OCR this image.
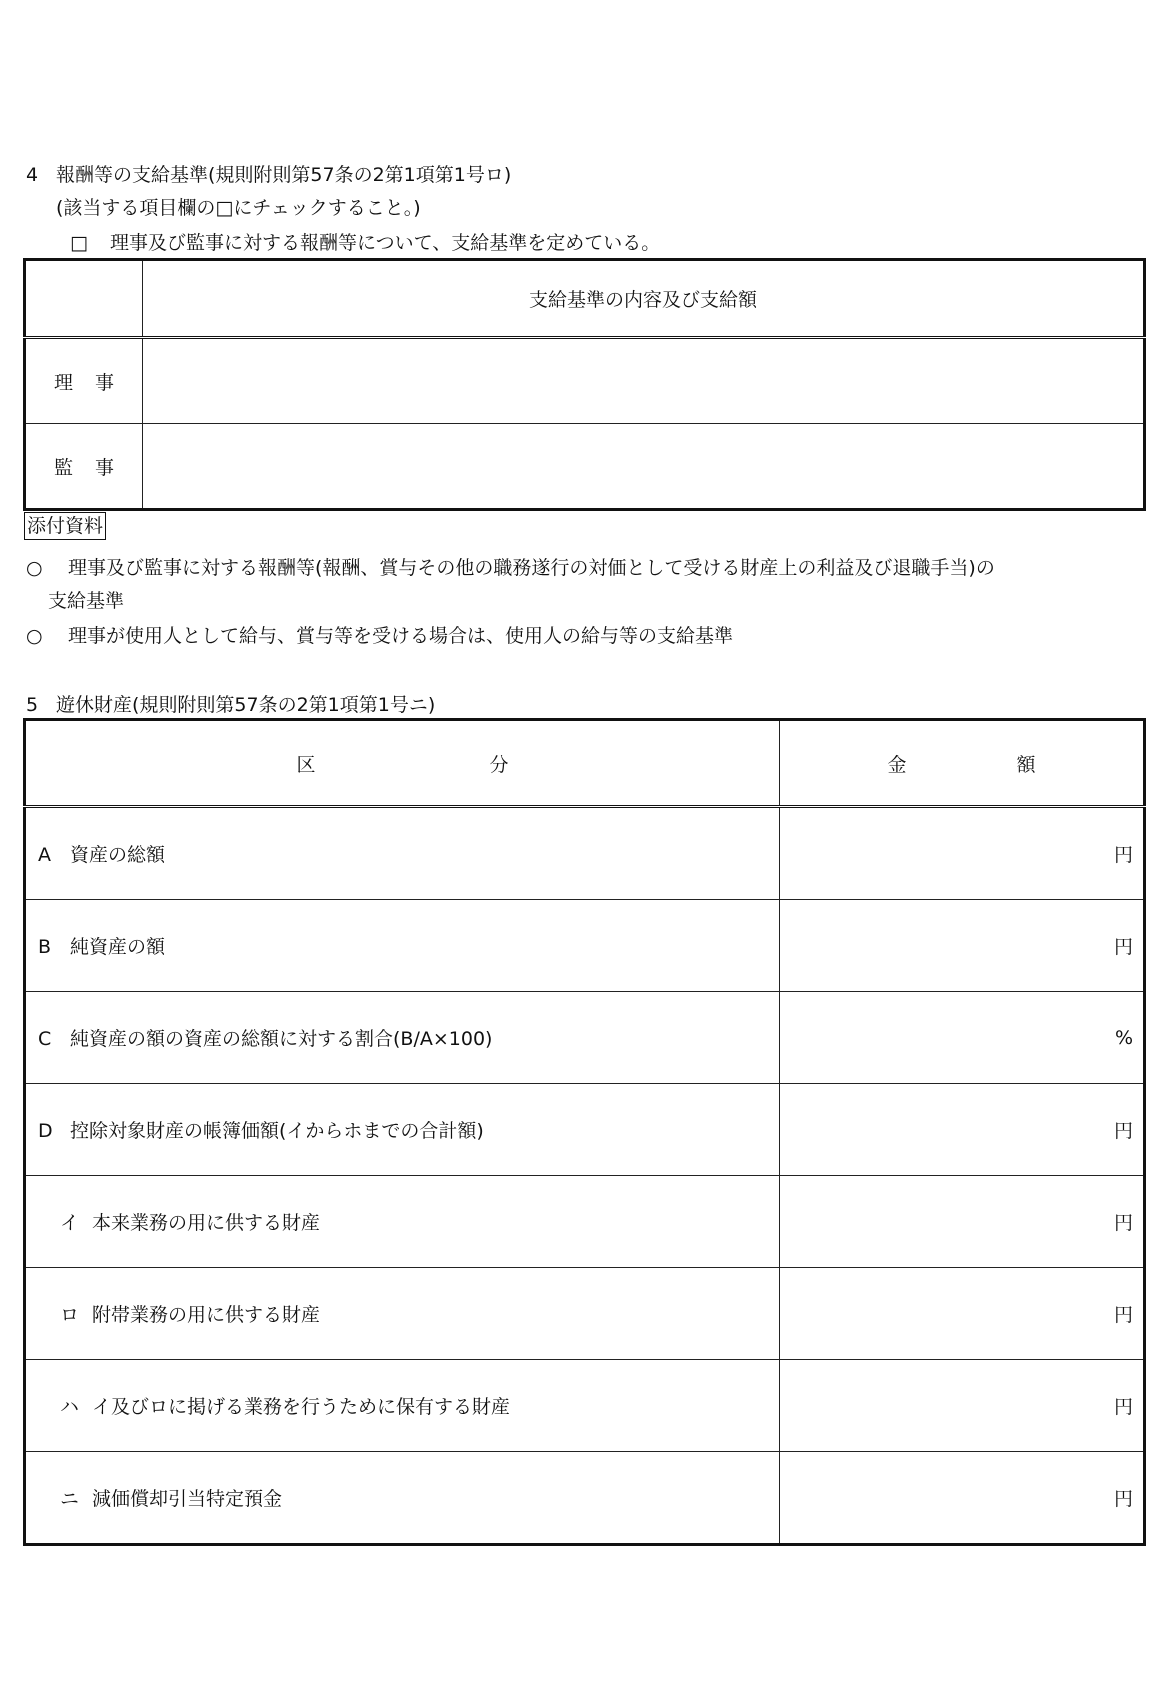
4 報酬等の支給基準(規則附則第57条の2第1項第1号ロ)
(該当する項目欄の□にチェックすること。)
□ 理事及び監事に対する報酬等について、支給基準を定めている。
	支給基準の内容及び支給額
理事	
監事	
添付資料
○ 理事及び監事に対する報酬等(報酬、賞与その他の職務遂行の対価として受ける財産上の利益及び退職手当)の
支給基準
○ 理事が使用人として給与、賞与等を受ける場合は、使用人の給与等の支給基準
5 遊休財産(規則附則第57条の2第1項第1号ニ)
区 分	金 額
A 資産の総額	円
B 純資産の額	円
C 純資産の額の資産の総額に対する割合(B/A×100)	%
D 控除対象財産の帳簿価額(イからホまでの合計額)	円
イ 本来業務の用に供する財産	円
ロ 附帯業務の用に供する財産	円
ハ イ及びロに掲げる業務を行うために保有する財産	円
ニ 減価償却引当特定預金	円
